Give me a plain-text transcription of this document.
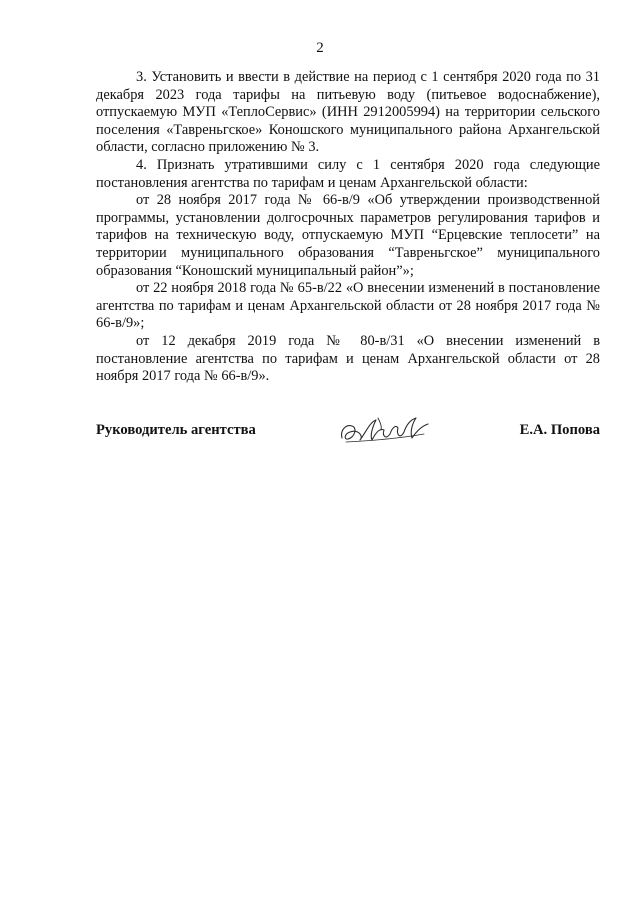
2

3. Установить и ввести в действие на период с 1 сентября 2020 года по 31 декабря 2023 года тарифы на питьевую воду (питьевое водоснабжение), отпускаемую МУП «ТеплоСервис» (ИНН 2912005994) на территории сельского поселения «Тавреньгское» Коношского муниципального района Архангельской области, согласно приложению № 3.

4. Признать утратившими силу с 1 сентября 2020 года следующие постановления агентства по тарифам и ценам Архангельской области:

от 28 ноября 2017 года № 66-в/9 «Об утверждении производственной программы, установлении долгосрочных параметров регулирования тарифов и тарифов на техническую воду, отпускаемую МУП “Ерцевские теплосети” на территории муниципального образования “Тавреньгское” муниципального образования “Коношский муниципальный район”»;

от 22 ноября 2018 года № 65-в/22 «О внесении изменений в постановление агентства по тарифам и ценам Архангельской области от 28 ноября 2017 года № 66-в/9»;

от 12 декабря 2019 года № 80-в/31 «О внесении изменений в постановление агентства по тарифам и ценам Архангельской области от 28 ноября 2017 года № 66-в/9».

Руководитель агентства	Е.А. Попова
